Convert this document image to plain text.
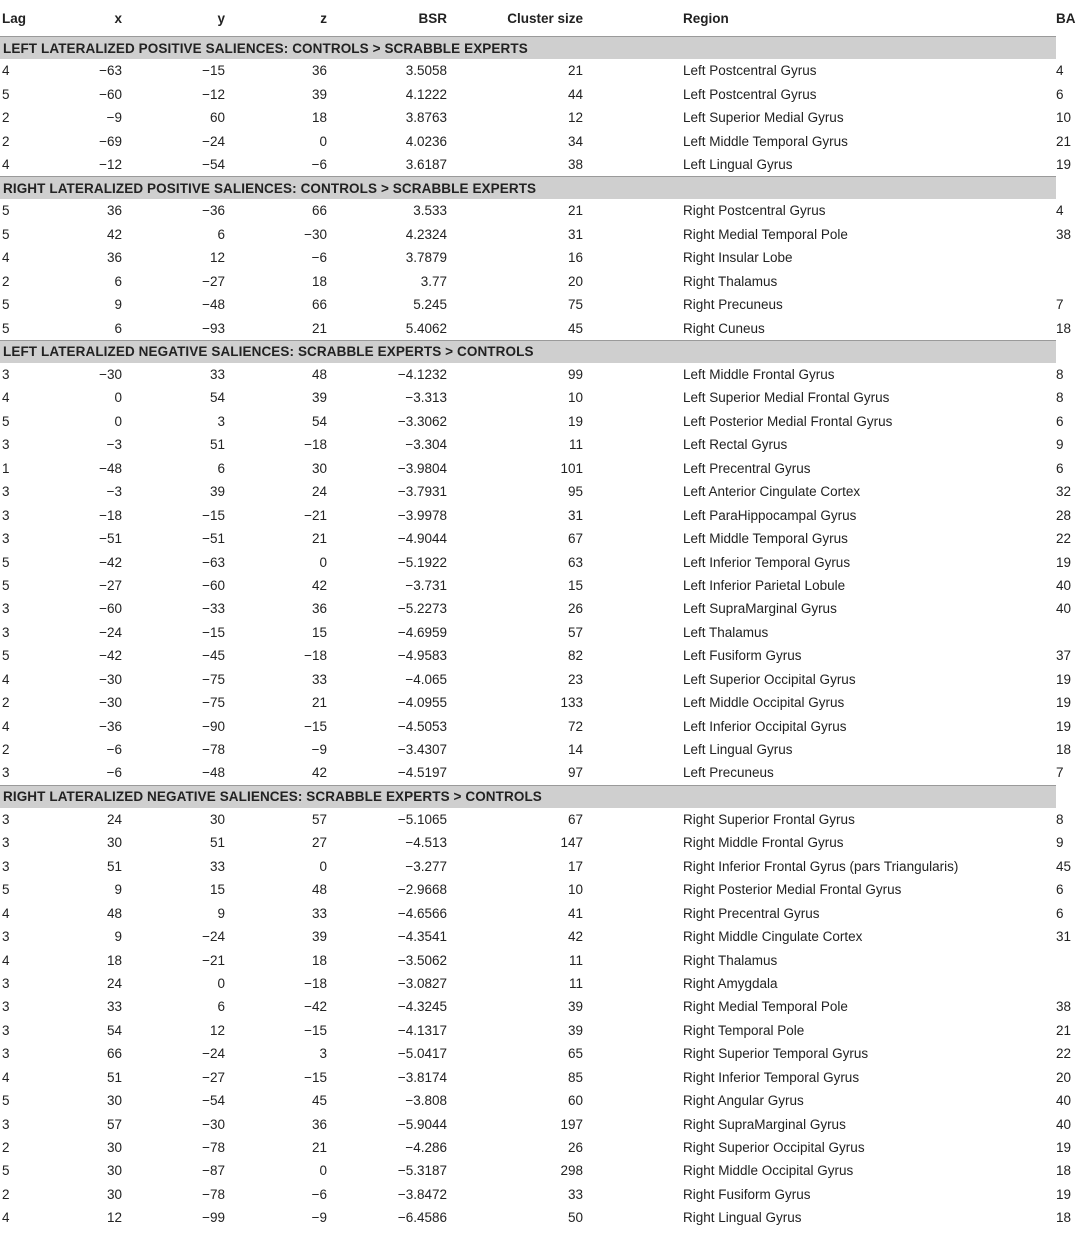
Lag	x	y	z	BSR	Cluster size	Region	BA
LEFT LATERALIZED POSITIVE SALIENCES: CONTROLS > SCRABBLE EXPERTS							
4	−63	−15	36	3.5058	21	Left Postcentral Gyrus	4
5	−60	−12	39	4.1222	44	Left Postcentral Gyrus	6
2	−9	60	18	3.8763	12	Left Superior Medial Gyrus	10
2	−69	−24	0	4.0236	34	Left Middle Temporal Gyrus	21
4	−12	−54	−6	3.6187	38	Left Lingual Gyrus	19
RIGHT LATERALIZED POSITIVE SALIENCES: CONTROLS > SCRABBLE EXPERTS							
5	36	−36	66	3.533	21	Right Postcentral Gyrus	4
5	42	6	−30	4.2324	31	Right Medial Temporal Pole	38
4	36	12	−6	3.7879	16	Right Insular Lobe	
2	6	−27	18	3.77	20	Right Thalamus	
5	9	−48	66	5.245	75	Right Precuneus	7
5	6	−93	21	5.4062	45	Right Cuneus	18
LEFT LATERALIZED NEGATIVE SALIENCES: SCRABBLE EXPERTS > CONTROLS							
3	−30	33	48	−4.1232	99	Left Middle Frontal Gyrus	8
4	0	54	39	−3.313	10	Left Superior Medial Frontal Gyrus	8
5	0	3	54	−3.3062	19	Left Posterior Medial Frontal Gyrus	6
3	−3	51	−18	−3.304	11	Left Rectal Gyrus	9
1	−48	6	30	−3.9804	101	Left Precentral Gyrus	6
3	−3	39	24	−3.7931	95	Left Anterior Cingulate Cortex	32
3	−18	−15	−21	−3.9978	31	Left ParaHippocampal Gyrus	28
3	−51	−51	21	−4.9044	67	Left Middle Temporal Gyrus	22
5	−42	−63	0	−5.1922	63	Left Inferior Temporal Gyrus	19
5	−27	−60	42	−3.731	15	Left Inferior Parietal Lobule	40
3	−60	−33	36	−5.2273	26	Left SupraMarginal Gyrus	40
3	−24	−15	15	−4.6959	57	Left Thalamus	
5	−42	−45	−18	−4.9583	82	Left Fusiform Gyrus	37
4	−30	−75	33	−4.065	23	Left Superior Occipital Gyrus	19
2	−30	−75	21	−4.0955	133	Left Middle Occipital Gyrus	19
4	−36	−90	−15	−4.5053	72	Left Inferior Occipital Gyrus	19
2	−6	−78	−9	−3.4307	14	Left Lingual Gyrus	18
3	−6	−48	42	−4.5197	97	Left Precuneus	7
RIGHT LATERALIZED NEGATIVE SALIENCES: SCRABBLE EXPERTS > CONTROLS							
3	24	30	57	−5.1065	67	Right Superior Frontal Gyrus	8
3	30	51	27	−4.513	147	Right Middle Frontal Gyrus	9
3	51	33	0	−3.277	17	Right Inferior Frontal Gyrus (pars Triangularis)	45
5	9	15	48	−2.9668	10	Right Posterior Medial Frontal Gyrus	6
4	48	9	33	−4.6566	41	Right Precentral Gyrus	6
3	9	−24	39	−4.3541	42	Right Middle Cingulate Cortex	31
4	18	−21	18	−3.5062	11	Right Thalamus	
3	24	0	−18	−3.0827	11	Right Amygdala	
3	33	6	−42	−4.3245	39	Right Medial Temporal Pole	38
3	54	12	−15	−4.1317	39	Right Temporal Pole	21
3	66	−24	3	−5.0417	65	Right Superior Temporal Gyrus	22
4	51	−27	−15	−3.8174	85	Right Inferior Temporal Gyrus	20
5	30	−54	45	−3.808	60	Right Angular Gyrus	40
3	57	−30	36	−5.9044	197	Right SupraMarginal Gyrus	40
2	30	−78	21	−4.286	26	Right Superior Occipital Gyrus	19
5	30	−87	0	−5.3187	298	Right Middle Occipital Gyrus	18
2	30	−78	−6	−3.8472	33	Right Fusiform Gyrus	19
4	12	−99	−9	−6.4586	50	Right Lingual Gyrus	18
